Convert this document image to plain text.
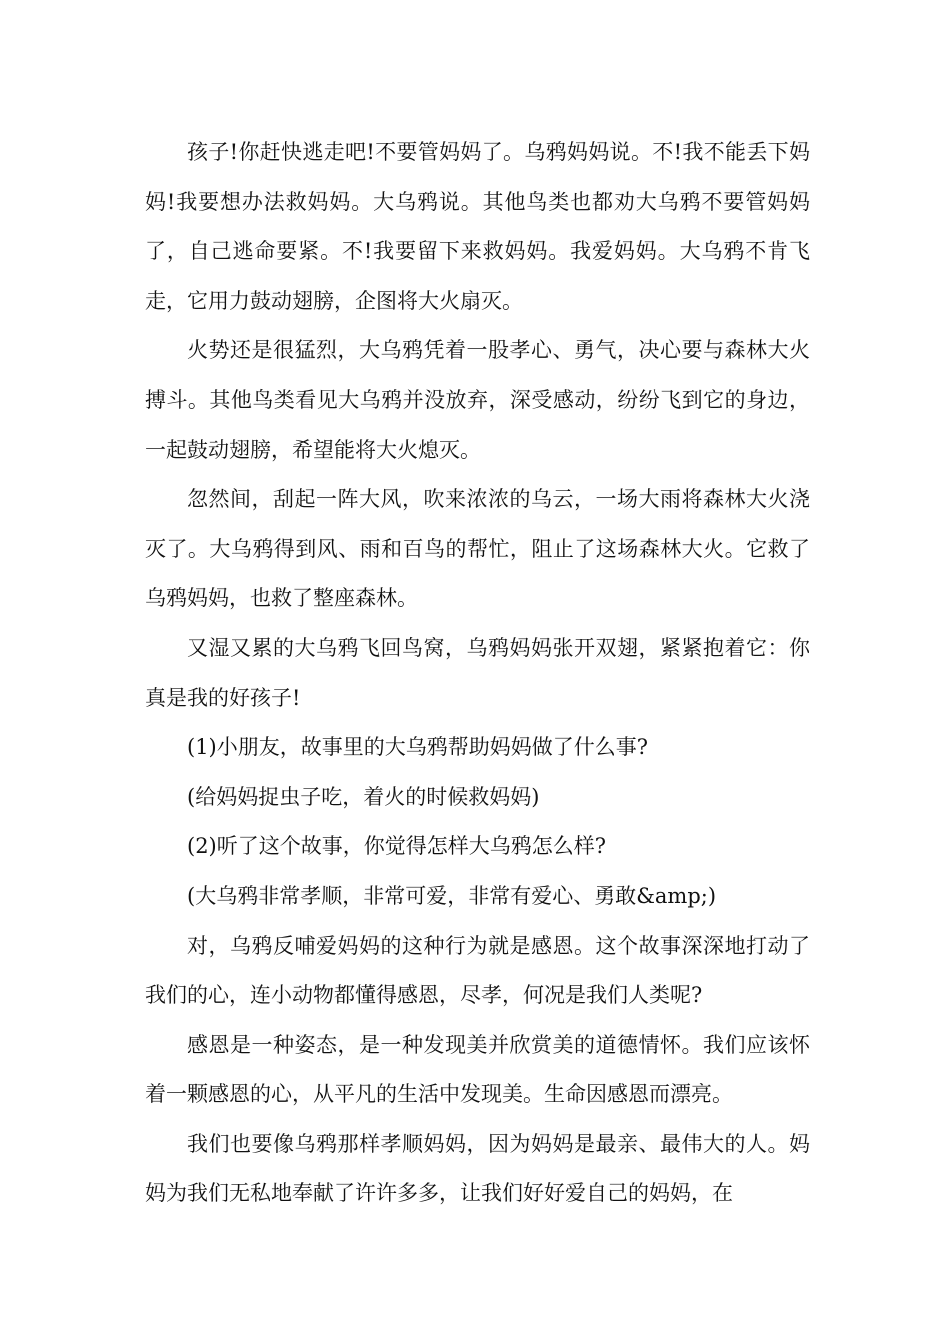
孩子!你赶快逃走吧!不要管妈妈了。乌鸦妈妈说。不!我不能丢下妈妈!我要想办法救妈妈。大乌鸦说。其他鸟类也都劝大乌鸦不要管妈妈了，自己逃命要紧。不!我要留下来救妈妈。我爱妈妈。大乌鸦不肯飞走，它用力鼓动翅膀，企图将大火扇灭。

火势还是很猛烈，大乌鸦凭着一股孝心、勇气，决心要与森林大火搏斗。其他鸟类看见大乌鸦并没放弃，深受感动，纷纷飞到它的身边，一起鼓动翅膀，希望能将大火熄灭。

忽然间，刮起一阵大风，吹来浓浓的乌云，一场大雨将森林大火浇灭了。大乌鸦得到风、雨和百鸟的帮忙，阻止了这场森林大火。它救了乌鸦妈妈，也救了整座森林。

又湿又累的大乌鸦飞回鸟窝，乌鸦妈妈张开双翅，紧紧抱着它：你真是我的好孩子!

(1)小朋友，故事里的大乌鸦帮助妈妈做了什么事?

(给妈妈捉虫子吃，着火的时候救妈妈)

(2)听了这个故事，你觉得怎样大乌鸦怎么样?

(大乌鸦非常孝顺，非常可爱，非常有爱心、勇敢&amp;)

对，乌鸦反哺爱妈妈的这种行为就是感恩。这个故事深深地打动了我们的心，连小动物都懂得感恩，尽孝，何况是我们人类呢?

感恩是一种姿态，是一种发现美并欣赏美的道德情怀。我们应该怀着一颗感恩的心，从平凡的生活中发现美。生命因感恩而漂亮。

我们也要像乌鸦那样孝顺妈妈，因为妈妈是最亲、最伟大的人。妈妈为我们无私地奉献了许许多多，让我们好好爱自己的妈妈，在
